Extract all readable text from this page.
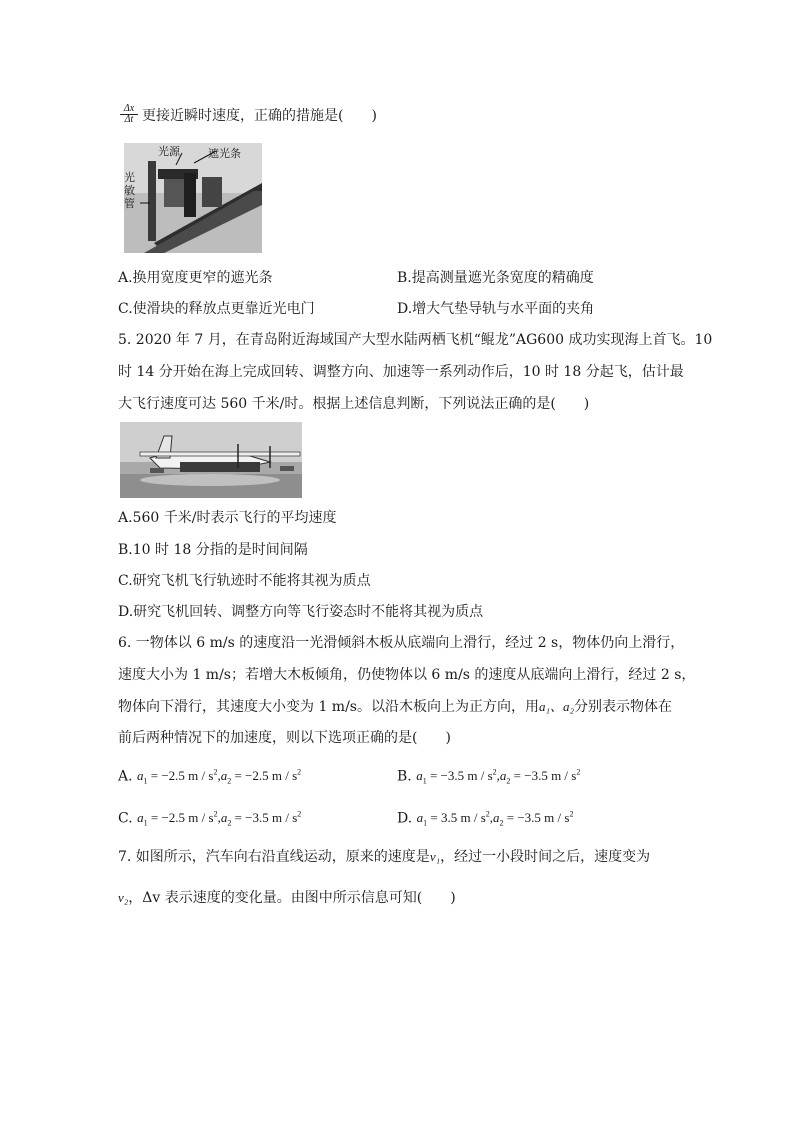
$\frac{\Delta x}{\Delta t}$ 更接近瞬时速度，正确的措施是(　　)
光源	遮光条
光敏管
A.换用宽度更窄的遮光条	B.提高测量遮光条宽度的精确度
C.使滑块的释放点更靠近光电门	D.增大气垫导轨与水平面的夹角
5. 2020 年 7 月，在青岛附近海域国产大型水陆两栖飞机“鲲龙”AG600 成功实现海上首飞。10
时 14 分开始在海上完成回转、调整方向、加速等一系列动作后，10 时 18 分起飞，估计最
大飞行速度可达 560 千米/时。根据上述信息判断，下列说法正确的是(　　)
A.560 千米/时表示飞行的平均速度
B.10 时 18 分指的是时间间隔
C.研究飞机飞行轨迹时不能将其视为质点
D.研究飞机回转、调整方向等飞行姿态时不能将其视为质点
6. 一物体以 6 m/s 的速度沿一光滑倾斜木板从底端向上滑行，经过 2 s，物体仍向上滑行，
速度大小为 1 m/s；若增大木板倾角，仍使物体以 6 m/s 的速度从底端向上滑行，经过 2 s，
物体向下滑行，其速度大小变为 1 m/s。以沿木板向上为正方向，用a₁、a₂分别表示物体在
前后两种情况下的加速度，则以下选项正确的是(　　)
A. $a_1 = -2.5$ $m / s^2,a_2 = -2.5$ m / $s^2$	B. $a_1 = -3.5$ $m / s^2,a_2 = -3.5$ m / $s^2$
C. $a_1 = -2.5$ $m / s^2,a_2 = -3.5$ m / $s^2$	D. $a_1 = 3.5$ $m / s^2,a_2 = -3.5$ m / $s^2$
7. 如图所示，汽车向右沿直线运动，原来的速度是v₁，经过一小段时间之后，速度变为
v₂，Δv 表示速度的变化量。由图中所示信息可知(　　)
